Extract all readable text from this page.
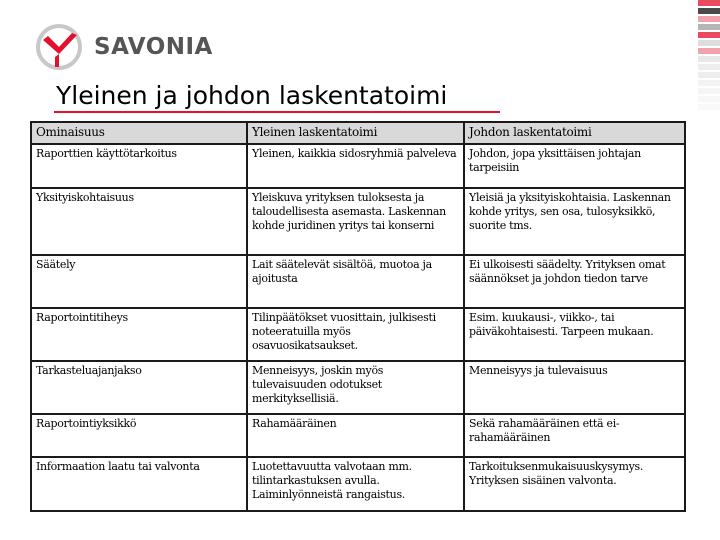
SAVONIA
Yleinen ja johdon laskentatoimi
Ominaisuus	Yleinen laskentatoimi	Johdon laskentatoimi
Raporttien käyttötarkoitus	Yleinen, kaikkia sidosryhmiä palveleva	Johdon, jopa yksittäisen johtajan tarpeisiin
Yksityiskohtaisuus	Yleiskuva yrityksen tuloksesta ja taloudellisesta asemasta. Laskennan kohde juridinen yritys tai konserni	Yleisiä ja yksityiskohtaisia. Laskennan kohde yritys, sen osa, tulosyksikkö, suorite tms.
Säätely	Lait säätelevät sisältöä, muotoa ja ajoitusta	Ei ulkoisesti säädelty. Yrityksen omat säännökset ja johdon tiedon tarve
Raportointitiheys	Tilinpäätökset vuosittain, julkisesti noteeratuilla myös osavuosikatsaukset.	Esim. kuukausi-, viikko-, tai päiväkohtaisesti. Tarpeen mukaan.
Tarkasteluajanjakso	Menneisyys, joskin myös tulevaisuuden odotukset merkityksellisiä.	Menneisyys ja tulevaisuus
Raportointiyksikkö	Rahamääräinen	Sekä rahamääräinen että ei-rahamääräinen
Informaation laatu tai valvonta	Luotettavuutta valvotaan mm. tilintarkastuksen avulla. Laiminlyönneistä rangaistus.	Tarkoituksenmukaisuuskysymys. Yrityksen sisäinen valvonta.
